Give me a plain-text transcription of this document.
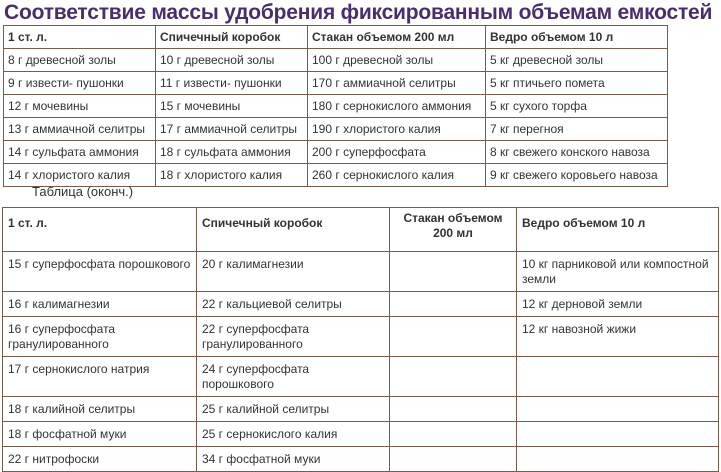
Соответствие массы удобрения фиксированным объемам емкостей
1 ст. л.	Спичечный коробок	Стакан объемом 200 мл	Ведро объемом 10 л
8 г древесной золы	10 г древесной золы	100 г древесной золы	5 кг древесной золы
9 г извести- пушонки	11 г извести- пушонки	170 г аммиачной селитры	5 кг птичьего помета
12 г мочевины	15 г мочевины	180 г сернокислого аммония	5 кг сухого торфа
13 г аммиачной селитры	17 г аммиачной селитры	190 г хлористого калия	7 кг перегноя
14 г сульфата аммония	18 г сульфата аммония	200 г суперфосфата	8 кг свежего конского навоза
14 г хлористого калия	18 г хлористого калия	260 г сернокислого калия	9 кг свежего коровьего навоза
Таблица (оконч.)
1 ст. л.	Спичечный коробок	Стакан объемом 200 мл	Ведро объемом 10 л
15 г суперфосфата порошкового	20 г калимагнезии		10 кг парниковой или компостной земли
16 г калимагнезии	22 г кальциевой селитры		12 кг дерновой земли
16 г суперфосфата гранулированного	22 г суперфосфата гранулированного		12 кг навозной жижи
17 г сернокислого натрия	24 г суперфосфата порошкового		
18 г калийной селитры	25 г калийной селитры		
18 г фосфатной муки	25 г сернокислого калия		
22 г нитрофоски	34 г фосфатной муки		
